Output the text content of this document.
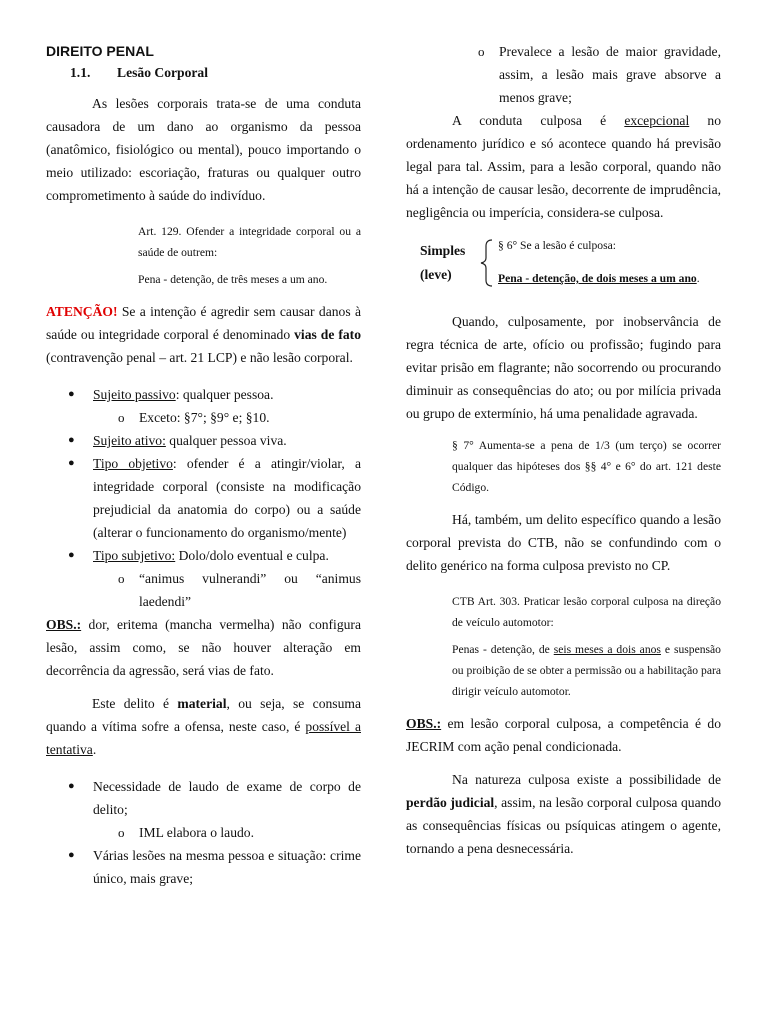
DIREITO PENAL

1.1. Lesão Corporal

As lesões corporais trata-se de uma conduta causadora de um dano ao organismo da pessoa (anatômico, fisiológico ou mental), pouco importando o meio utilizado: escoriação, fraturas ou qualquer outro comprometimento à saúde do indivíduo.

Art. 129. Ofender a integridade corporal ou a saúde de outrem:

Pena - detenção, de três meses a um ano.

ATENÇÃO! Se a intenção é agredir sem causar danos à saúde ou integridade corporal é denominado vias de fato (contravenção penal – art. 21 LCP) e não lesão corporal.

● Sujeito passivo: qualquer pessoa.
o Exceto: §7°; §9° e; §10.
● Sujeito ativo: qualquer pessoa viva.
● Tipo objetivo: ofender é a atingir/violar, a integridade corporal (consiste na modificação prejudicial da anatomia do corpo) ou a saúde (alterar o funcionamento do organismo/mente)
● Tipo subjetivo: Dolo/dolo eventual e culpa.
o “animus vulnerandi” ou “animus laedendi”

OBS.: dor, eritema (mancha vermelha) não configura lesão, assim como, se não houver alteração em decorrência da agressão, será vias de fato.

Este delito é material, ou seja, se consuma quando a vítima sofre a ofensa, neste caso, é possível a tentativa.

● Necessidade de laudo de exame de corpo de delito;
o IML elabora o laudo.
● Várias lesões na mesma pessoa e situação: crime único, mais grave;
o Prevalece a lesão de maior gravidade, assim, a lesão mais grave absorve a menos grave;

A conduta culposa é excepcional no ordenamento jurídico e só acontece quando há previsão legal para tal. Assim, para a lesão corporal, quando não há a intenção de causar lesão, decorrente de imprudência, negligência ou imperícia, considera-se culposa.

Simples
(leve)
§ 6° Se a lesão é culposa:
Pena - detenção, de dois meses a um ano.

Quando, culposamente, por inobservância de regra técnica de arte, ofício ou profissão; fugindo para evitar prisão em flagrante; não socorrendo ou procurando diminuir as consequências do ato; ou por milícia privada ou grupo de extermínio, há uma penalidade agravada.

§ 7° Aumenta-se a pena de 1/3 (um terço) se ocorrer qualquer das hipóteses dos §§ 4° e 6° do art. 121 deste Código.

Há, também, um delito específico quando a lesão corporal prevista do CTB, não se confundindo com o delito genérico na forma culposa previsto no CP.

CTB Art. 303. Praticar lesão corporal culposa na direção de veículo automotor:

Penas - detenção, de seis meses a dois anos e suspensão ou proibição de se obter a permissão ou a habilitação para dirigir veículo automotor.

OBS.: em lesão corporal culposa, a competência é do JECRIM com ação penal condicionada.

Na natureza culposa existe a possibilidade de perdão judicial, assim, na lesão corporal culposa quando as consequências físicas ou psíquicas atingem o agente, tornando a pena desnecessária.
